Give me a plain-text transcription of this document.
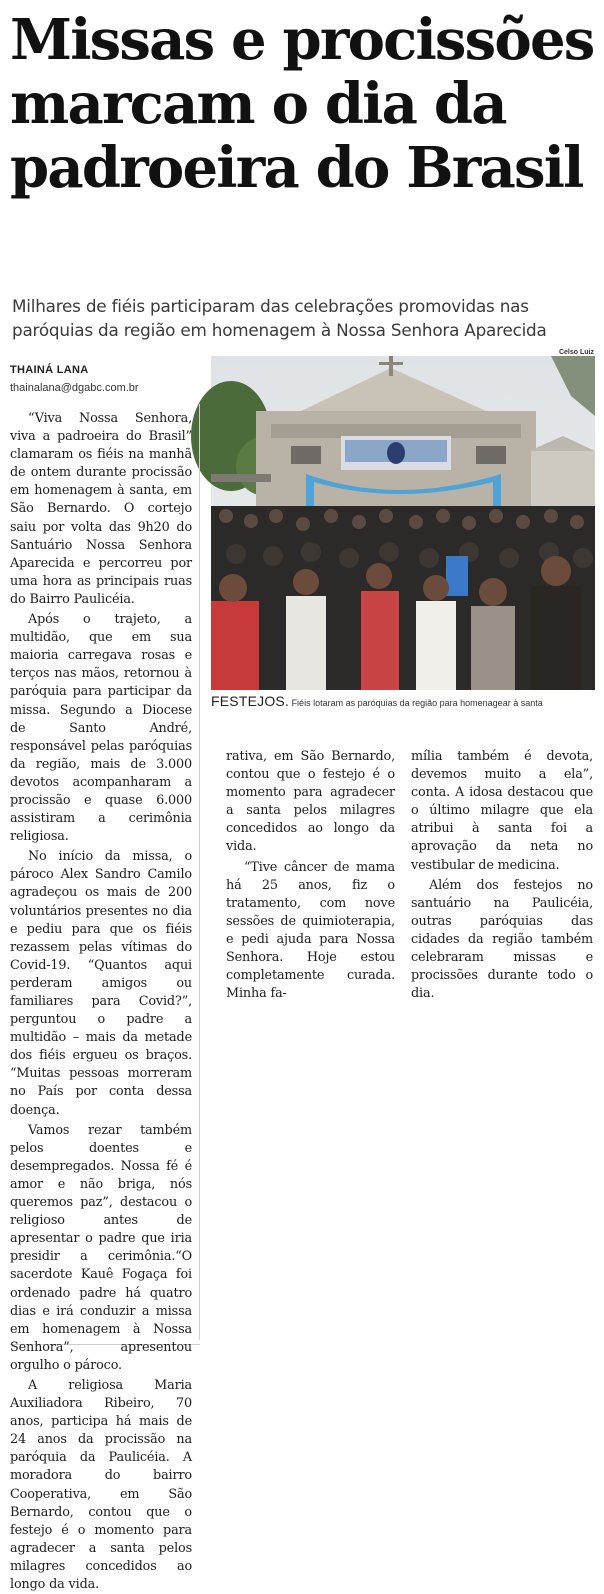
Missas e procissões marcam o dia da padroeira do Brasil
Milhares de fiéis participaram das celebrações promovidas nas paróquias da região em homenagem à Nossa Senhora Aparecida
Celso Luiz
THAINÁ LANA
thainalana@dgabc.com.br
FESTEJOS. Fiéis lotaram as paróquias da região para homenagear à santa

“Viva Nossa Senhora, viva a padroeira do Brasil” clamaram os fiéis na manhã de ontem durante procissão em homenagem à santa, em São Bernardo. O cortejo saiu por volta das 9h20 do Santuário Nossa Senhora Aparecida e percorreu por uma hora as principais ruas do Bairro Paulicéia.

Após o trajeto, a multidão, que em sua maioria carregava rosas e terços nas mãos, retornou à paróquia para participar da missa. Segundo a Diocese de Santo André, responsável pelas paróquias da região, mais de 3.000 devotos acompanharam a procissão e quase 6.000 assistiram a cerimônia religiosa.

No início da missa, o pároco Alex Sandro Camilo agradeçou os mais de 200 voluntários presentes no dia e pediu para que os fiéis rezassem pelas vítimas do Covid-19. “Quantos aqui perderam amigos ou familiares para Covid?”, perguntou o padre a multidão – mais da metade dos fiéis ergueu os braços. “Muitas pessoas morreram no País por conta dessa doença.

Vamos rezar também pelos doentes e desempregados. Nossa fé é amor e não briga, nós queremos paz”, destacou o religioso antes de apresentar o padre que iria presidir a cerimônia.“O sacerdote Kauê Fogaça foi ordenado padre há quatro dias e irá conduzir a missa em homenagem à Nossa Senhora”, apresentou orgulho o pároco.

A religiosa Maria Auxiliadora Ribeiro, 70 anos, participa há mais de 24 anos da procissão na paróquia da Paulicéia. A moradora do bairro Cooperativa, em São Bernardo, contou que o festejo é o momento para agradecer a santa pelos milagres concedidos ao longo da vida.

rativa, em São Bernardo, contou que o festejo é o momento para agradecer a santa pelos milagres concedidos ao longo da vida.

“Tive câncer de mama há 25 anos, fiz o tratamento, com nove sessões de quimioterapia, e pedi ajuda para Nossa Senhora. Hoje estou completamente curada. Minha fa-

mília também é devota, devemos muito a ela”, conta. A idosa destacou que o último milagre que ela atribui à santa foi a aprovação da neta no vestibular de medicina.

Além dos festejos no santuário na Paulicéia, outras paróquias das cidades da região também celebraram missas e procissões durante todo o dia.
